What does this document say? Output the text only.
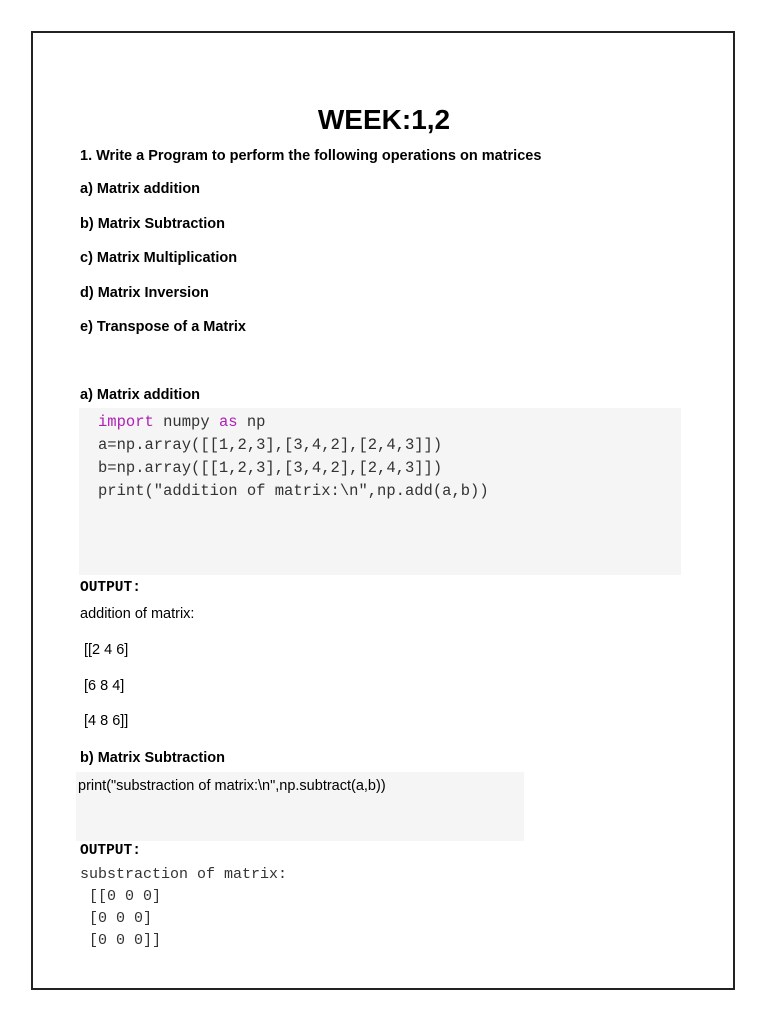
WEEK:1,2
1. Write a Program to perform the following operations on matrices
a) Matrix addition
b) Matrix Subtraction
c) Matrix Multiplication
d) Matrix Inversion
e) Transpose of a Matrix
a) Matrix addition
import numpy as np
a=np.array([[1,2,3],[3,4,2],[2,4,3]])
b=np.array([[1,2,3],[3,4,2],[2,4,3]])
print("addition of matrix:\n",np.add(a,b))
OUTPUT:
addition of matrix:
[[2 4 6]
[6 8 4]
[4 8 6]]
b) Matrix Subtraction
print("substraction of matrix:\n",np.subtract(a,b))
OUTPUT:
substraction of matrix:
[[0 0 0]
[0 0 0]
[0 0 0]]
